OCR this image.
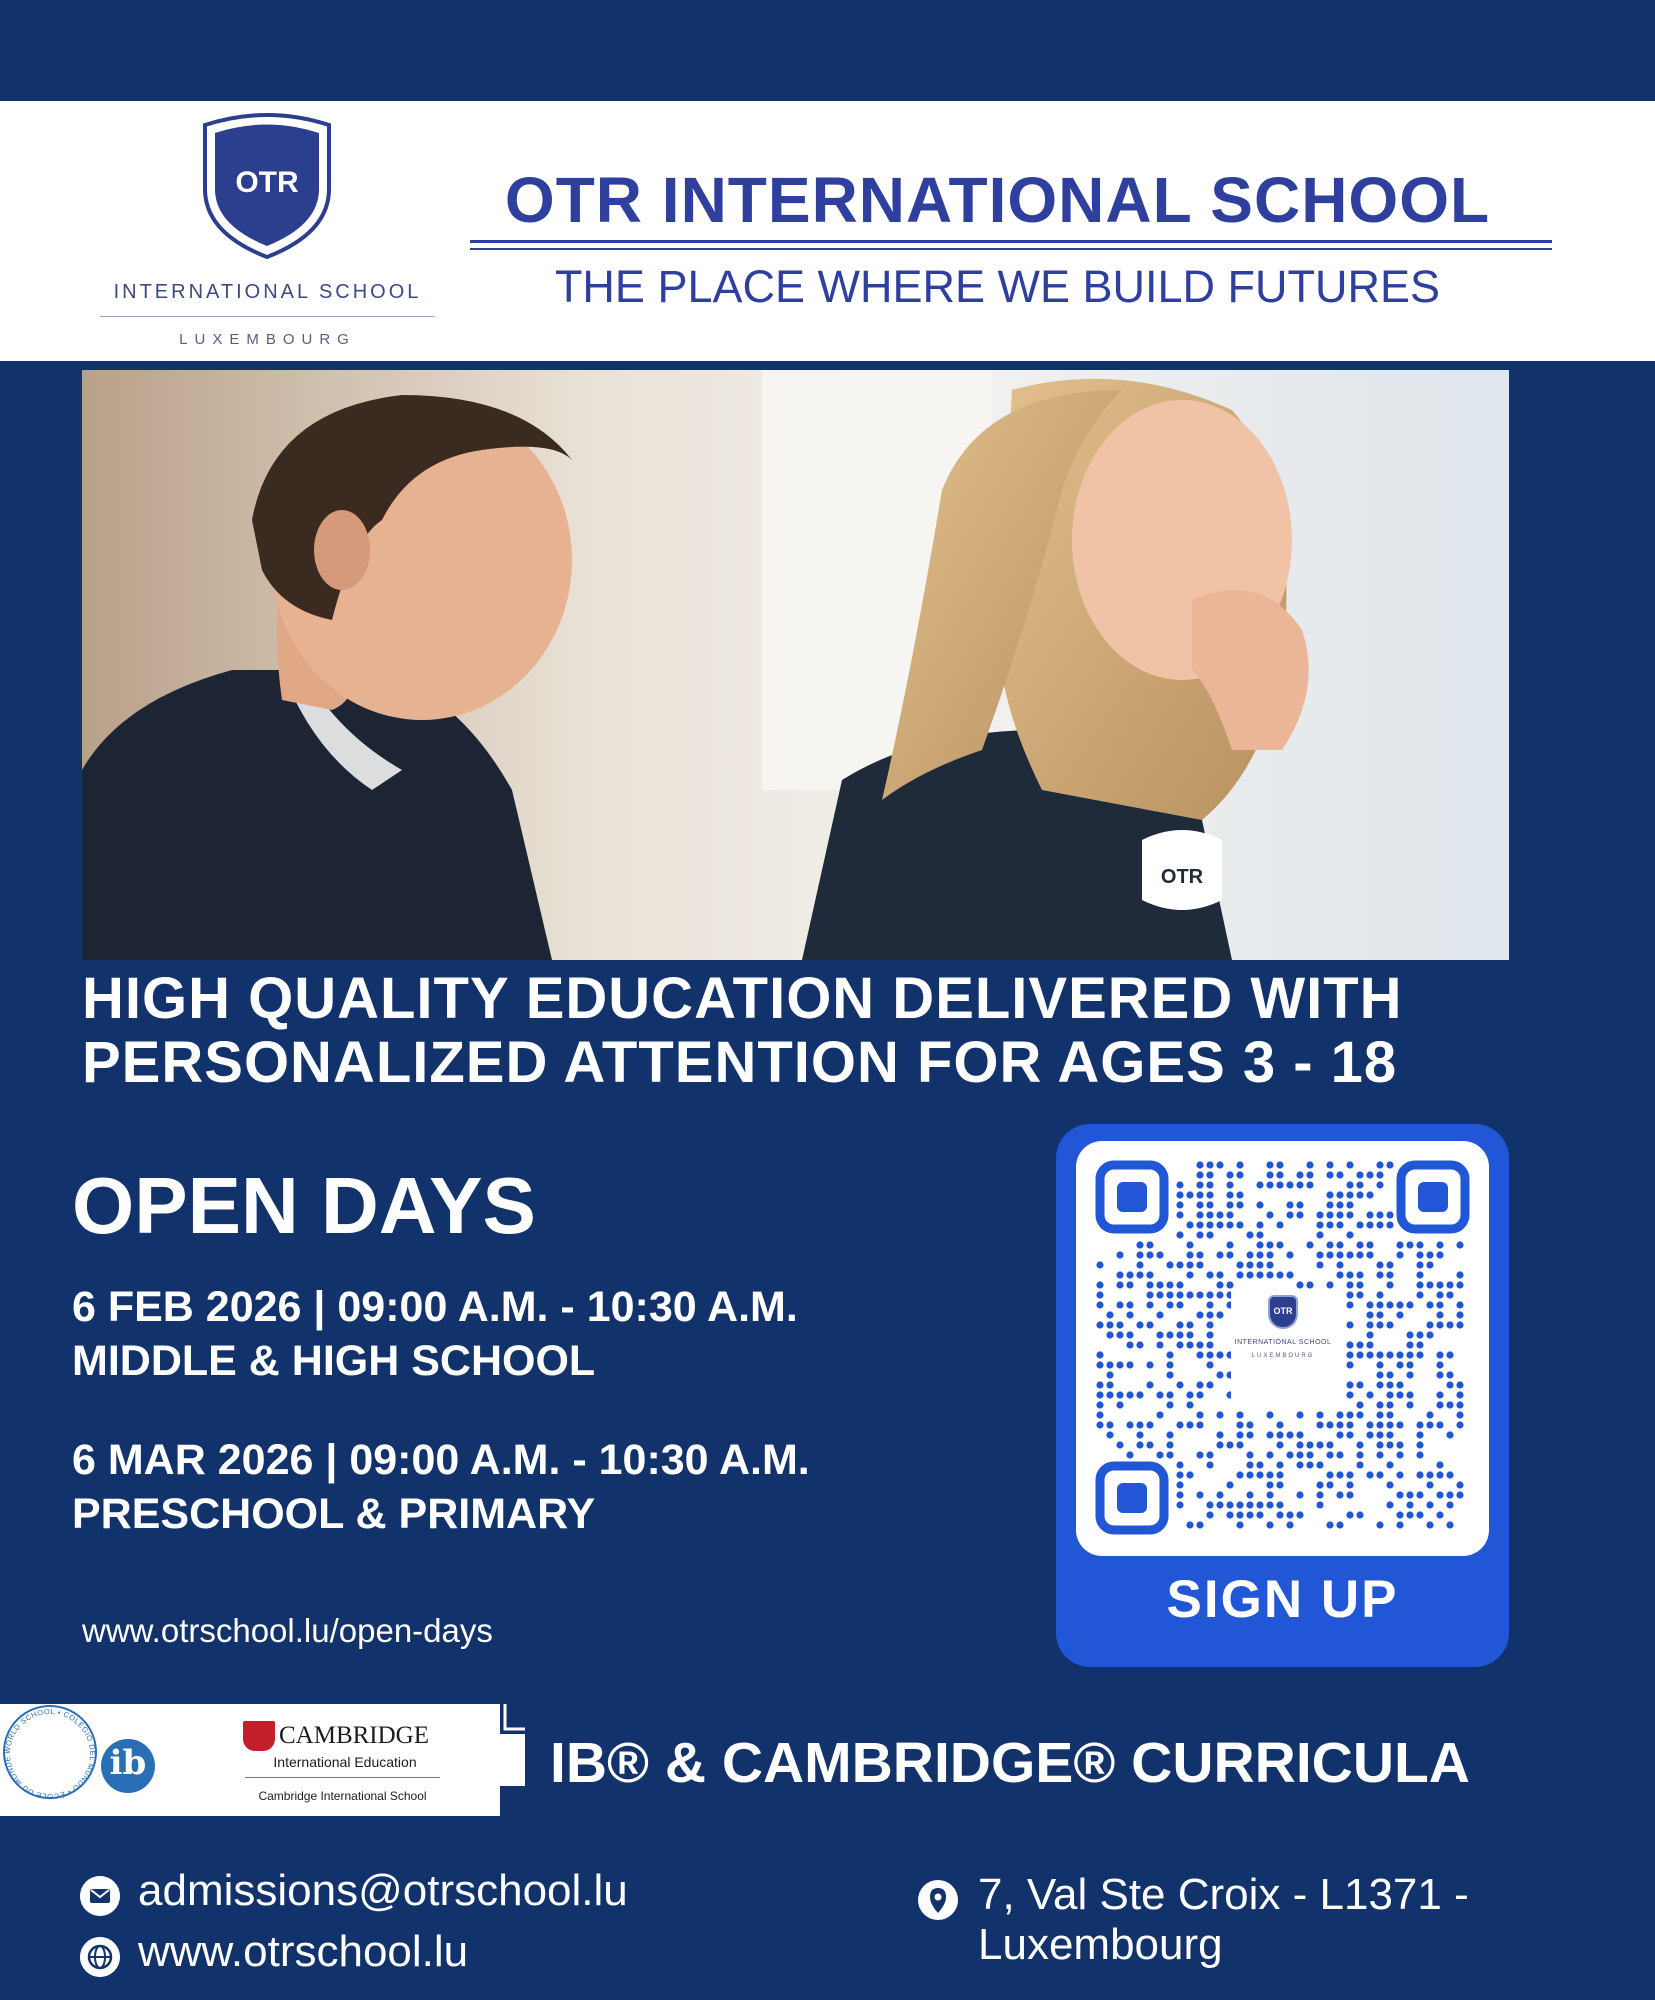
OTR
INTERNATIONAL SCHOOL
LUXEMBOURG
OTR INTERNATIONAL SCHOOL
THE PLACE WHERE WE BUILD FUTURES
OTR
HIGH QUALITY EDUCATION DELIVERED WITH
PERSONALIZED ATTENTION FOR AGES 3 - 18
OPEN DAYS
6 FEB 2026 | 09:00 A.M. - 10:30 A.M.
MIDDLE & HIGH SCHOOL
6 MAR 2026 | 09:00 A.M. - 10:30 A.M.
PRESCHOOL & PRIMARY
www.otrschool.lu/open-days
OTR
INTERNATIONAL SCHOOL
LUXEMBOURG
SIGN UP
WORLD SCHOOL • COLEGIO DEL MUNDO • ÉCOLE DU MONDE	ib
CAMBRIDGE
International Education
Cambridge International School
IB® & CAMBRIDGE® CURRICULA
admissions@otrschool.lu
www.otrschool.lu
7, Val Ste Croix - L1371 -
Luxembourg
